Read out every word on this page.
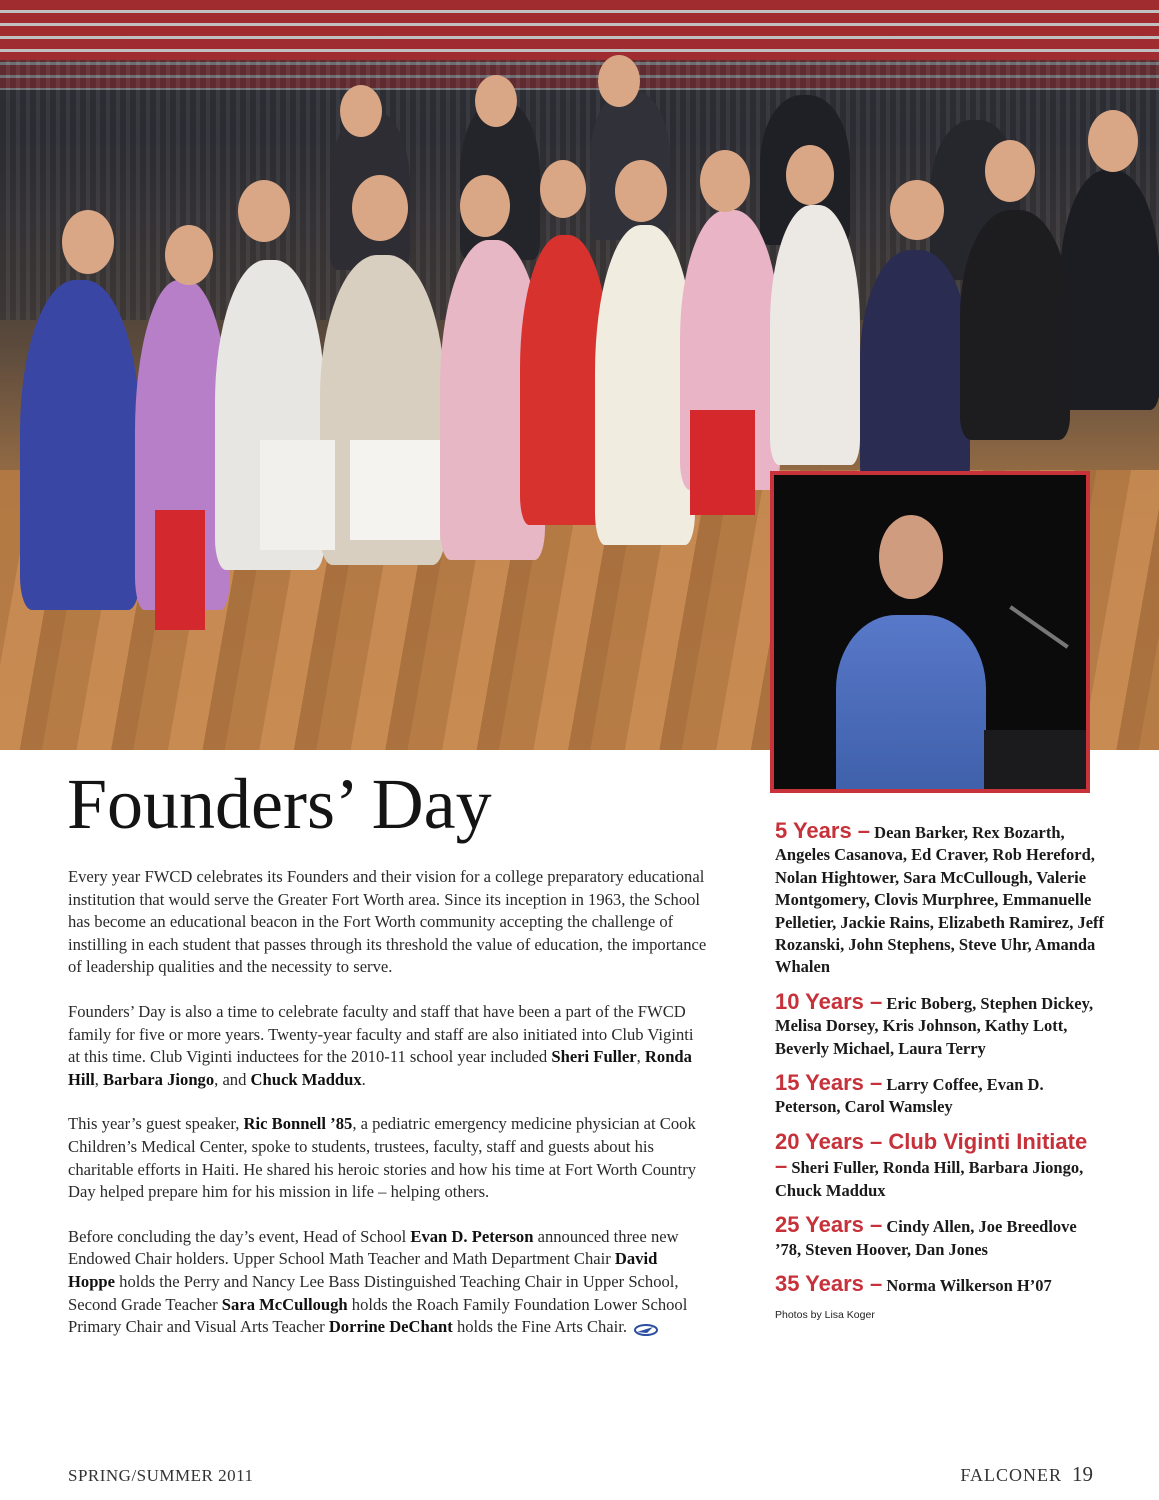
Founders’ Day

Every year FWCD celebrates its Founders and their vision for a college preparatory educational institution that would serve the Greater Fort Worth area. Since its inception in 1963, the School has become an educational beacon in the Fort Worth community accepting the challenge of instilling in each student that passes through its threshold the value of education, the importance of leadership qualities and the necessity to serve.

Founders’ Day is also a time to celebrate faculty and staff that have been a part of the FWCD family for five or more years. Twenty-year faculty and staff are also initiated into Club Viginti at this time. Club Viginti inductees for the 2010-11 school year included Sheri Fuller, Ronda Hill, Barbara Jiongo, and Chuck Maddux.

This year’s guest speaker, Ric Bonnell ’85, a pediatric emergency medicine physician at Cook Children’s Medical Center, spoke to students, trustees, faculty, staff and guests about his charitable efforts in Haiti. He shared his heroic stories and how his time at Fort Worth Country Day helped prepare him for his mission in life – helping others.

Before concluding the day’s event, Head of School Evan D. Peterson announced three new Endowed Chair holders. Upper School Math Teacher and Math Department Chair David Hoppe holds the Perry and Nancy Lee Bass Distinguished Teaching Chair in Upper School, Second Grade Teacher Sara McCullough holds the Roach Family Foundation Lower School Primary Chair and Visual Arts Teacher Dorrine DeChant holds the Fine Arts Chair.

5 Years – Dean Barker, Rex Bozarth, Angeles Casanova, Ed Craver, Rob Hereford, Nolan Hightower, Sara McCullough, Valerie Montgomery, Clovis Murphree, Emmanuelle Pelletier, Jackie Rains, Elizabeth Ramirez, Jeff Rozanski, John Stephens, Steve Uhr, Amanda Whalen
10 Years – Eric Boberg, Stephen Dickey, Melisa Dorsey, Kris Johnson, Kathy Lott, Beverly Michael, Laura Terry
15 Years – Larry Coffee, Evan D. Peterson, Carol Wamsley
20 Years – Club Viginti Initiate – Sheri Fuller, Ronda Hill, Barbara Jiongo, Chuck Maddux
25 Years – Cindy Allen, Joe Breedlove ’78, Steven Hoover, Dan Jones
35 Years – Norma Wilkerson H’07
Photos by Lisa Koger
SPRING/SUMMER 2011	FALCONER 19
